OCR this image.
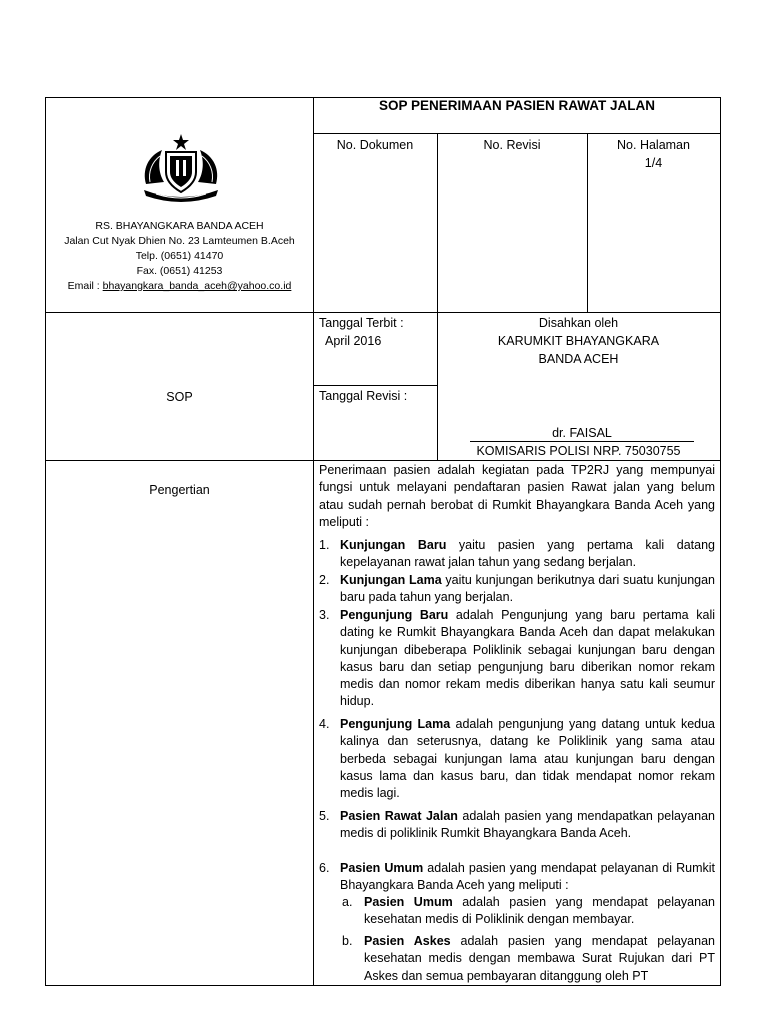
SOP PENERIMAAN PASIEN RAWAT JALAN
RS. BHAYANGKARA BANDA ACEH
Jalan Cut Nyak Dhien No. 23 Lamteumen B.Aceh
Telp. (0651) 41470
Fax. (0651) 41253
Email : bhayangkara_banda_aceh@yahoo.co.id
No. Dokumen	No. Revisi	No. Halaman
1/4
SOP
Tanggal Terbit :
April 2016
Tanggal Revisi :
Disahkan oleh
KARUMKIT BHAYANGKARA
BANDA ACEH
dr. FAISAL
KOMISARIS POLISI NRP. 75030755
Pengertian
Penerimaan pasien adalah kegiatan pada TP2RJ yang mempunyai fungsi untuk melayani pendaftaran pasien Rawat jalan yang belum atau sudah pernah berobat di Rumkit Bhayangkara Banda Aceh yang meliputi :
1. Kunjungan Baru yaitu pasien yang pertama kali datang kepelayanan rawat jalan tahun yang sedang berjalan.
2. Kunjungan Lama yaitu kunjungan berikutnya dari suatu kunjungan baru pada tahun yang berjalan.
3. Pengunjung Baru adalah Pengunjung yang baru pertama kali dating ke Rumkit Bhayangkara Banda Aceh dan dapat melakukan kunjungan dibeberapa Poliklinik sebagai kunjungan baru dengan kasus baru dan setiap pengunjung baru diberikan nomor rekam medis dan nomor rekam medis diberikan hanya satu kali seumur hidup.
4. Pengunjung Lama adalah pengunjung yang datang untuk kedua kalinya dan seterusnya, datang ke Poliklinik yang sama atau berbeda sebagai kunjungan lama atau kunjungan baru dengan kasus lama dan kasus baru, dan tidak mendapat nomor rekam medis lagi.
5. Pasien Rawat Jalan adalah pasien yang mendapatkan pelayanan medis di poliklinik Rumkit Bhayangkara Banda Aceh.
6. Pasien Umum adalah pasien yang mendapat pelayanan di Rumkit Bhayangkara Banda Aceh yang meliputi :
a. Pasien Umum adalah pasien yang mendapat pelayanan kesehatan medis di Poliklinik dengan membayar.
b. Pasien Askes adalah pasien yang mendapat pelayanan kesehatan medis dengan membawa Surat Rujukan dari PT Askes dan semua pembayaran ditanggung oleh PT
